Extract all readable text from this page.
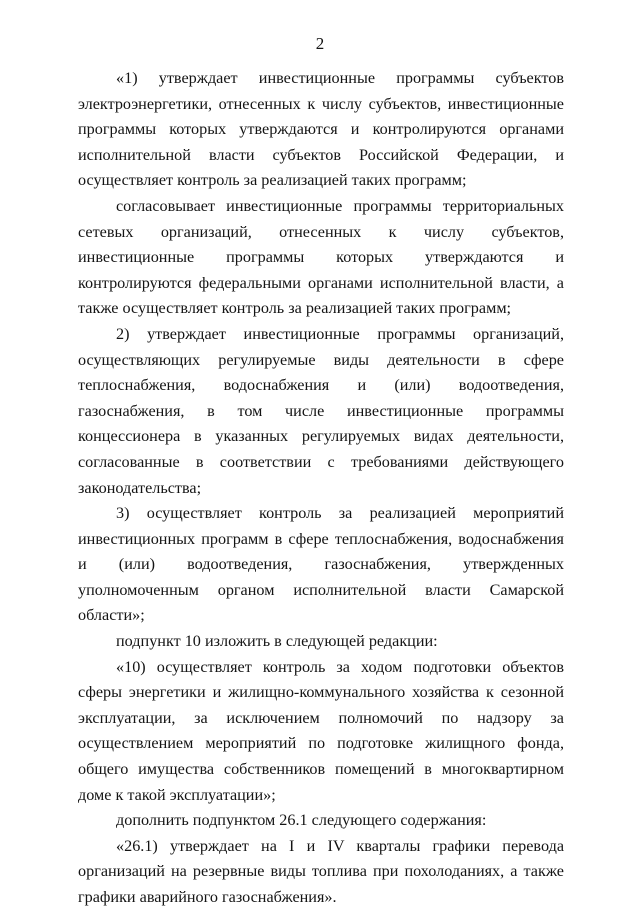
2

«1) утверждает инвестиционные программы субъектов электроэнергетики, отнесенных к числу субъектов, инвестиционные программы которых утверждаются и контролируются органами исполнительной власти субъектов Российской Федерации, и осуществляет контроль за реализацией таких программ;

согласовывает инвестиционные программы территориальных сетевых организаций, отнесенных к числу субъектов, инвестиционные программы которых утверждаются и контролируются федеральными органами исполнительной власти, а также осуществляет контроль за реализацией таких программ;

2) утверждает инвестиционные программы организаций, осуществляющих регулируемые виды деятельности в сфере теплоснабжения, водоснабжения и (или) водоотведения, газоснабжения, в том числе инвестиционные программы концессионера в указанных регулируемых видах деятельности, согласованные в соответствии с требованиями действующего законодательства;

3) осуществляет контроль за реализацией мероприятий инвестиционных программ в сфере теплоснабжения, водоснабжения и (или) водоотведения, газоснабжения, утвержденных уполномоченным органом исполнительной власти Самарской области»;

подпункт 10 изложить в следующей редакции:

«10) осуществляет контроль за ходом подготовки объектов сферы энергетики и жилищно-коммунального хозяйства к сезонной эксплуатации, за исключением полномочий по надзору за осуществлением мероприятий по подготовке жилищного фонда, общего имущества собственников помещений в многоквартирном доме к такой эксплуатации»;

дополнить подпунктом 26.1 следующего содержания:

«26.1) утверждает на I и IV кварталы графики перевода организаций на резервные виды топлива при похолоданиях, а также графики аварийного газоснабжения».
